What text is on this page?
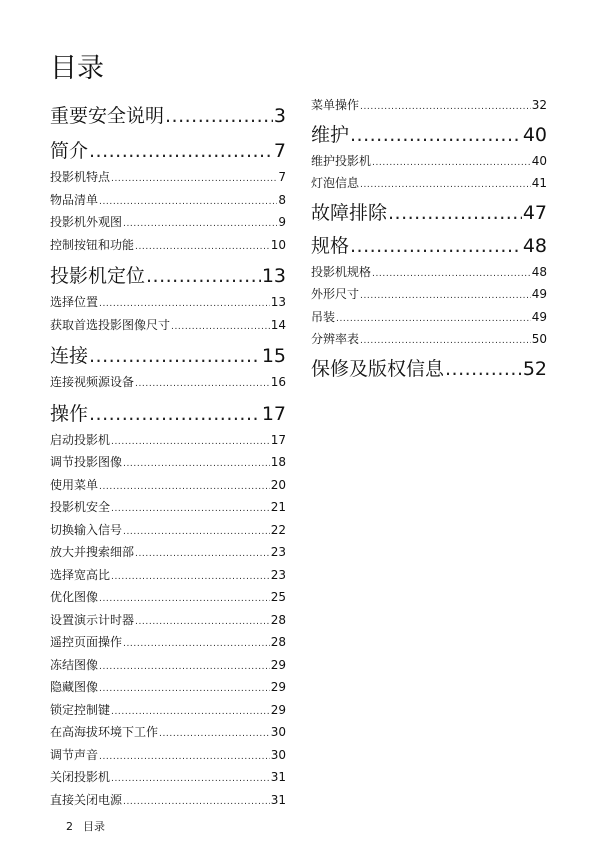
目录
重要安全说明 .....	3
简介 .....	7
投影机特点 .....	7
物品清单 .....	8
投影机外观图 .....	9
控制按钮和功能 .....	10
投影机定位 .....	13
选择位置 .....	13
获取首选投影图像尺寸 .....	14
连接 .....	15
连接视频源设备 .....	16
操作 .....	17
启动投影机 .....	17
调节投影图像 .....	18
使用菜单 .....	20
投影机安全 .....	21
切换输入信号 .....	22
放大并搜索细部 .....	23
选择宽高比 .....	23
优化图像 .....	25
设置演示计时器 .....	28
遥控页面操作 .....	28
冻结图像 .....	29
隐藏图像 .....	29
锁定控制键 .....	29
在高海拔环境下工作 .....	30
调节声音 .....	30
关闭投影机 .....	31
直接关闭电源 .....	31
菜单操作 .....	32
维护 .....	40
维护投影机 .....	40
灯泡信息 .....	41
故障排除 .....	47
规格 .....	48
投影机规格 .....	48
外形尺寸 .....	49
吊装 .....	49
分辨率表 .....	50
保修及版权信息 .....	52
2 目录
